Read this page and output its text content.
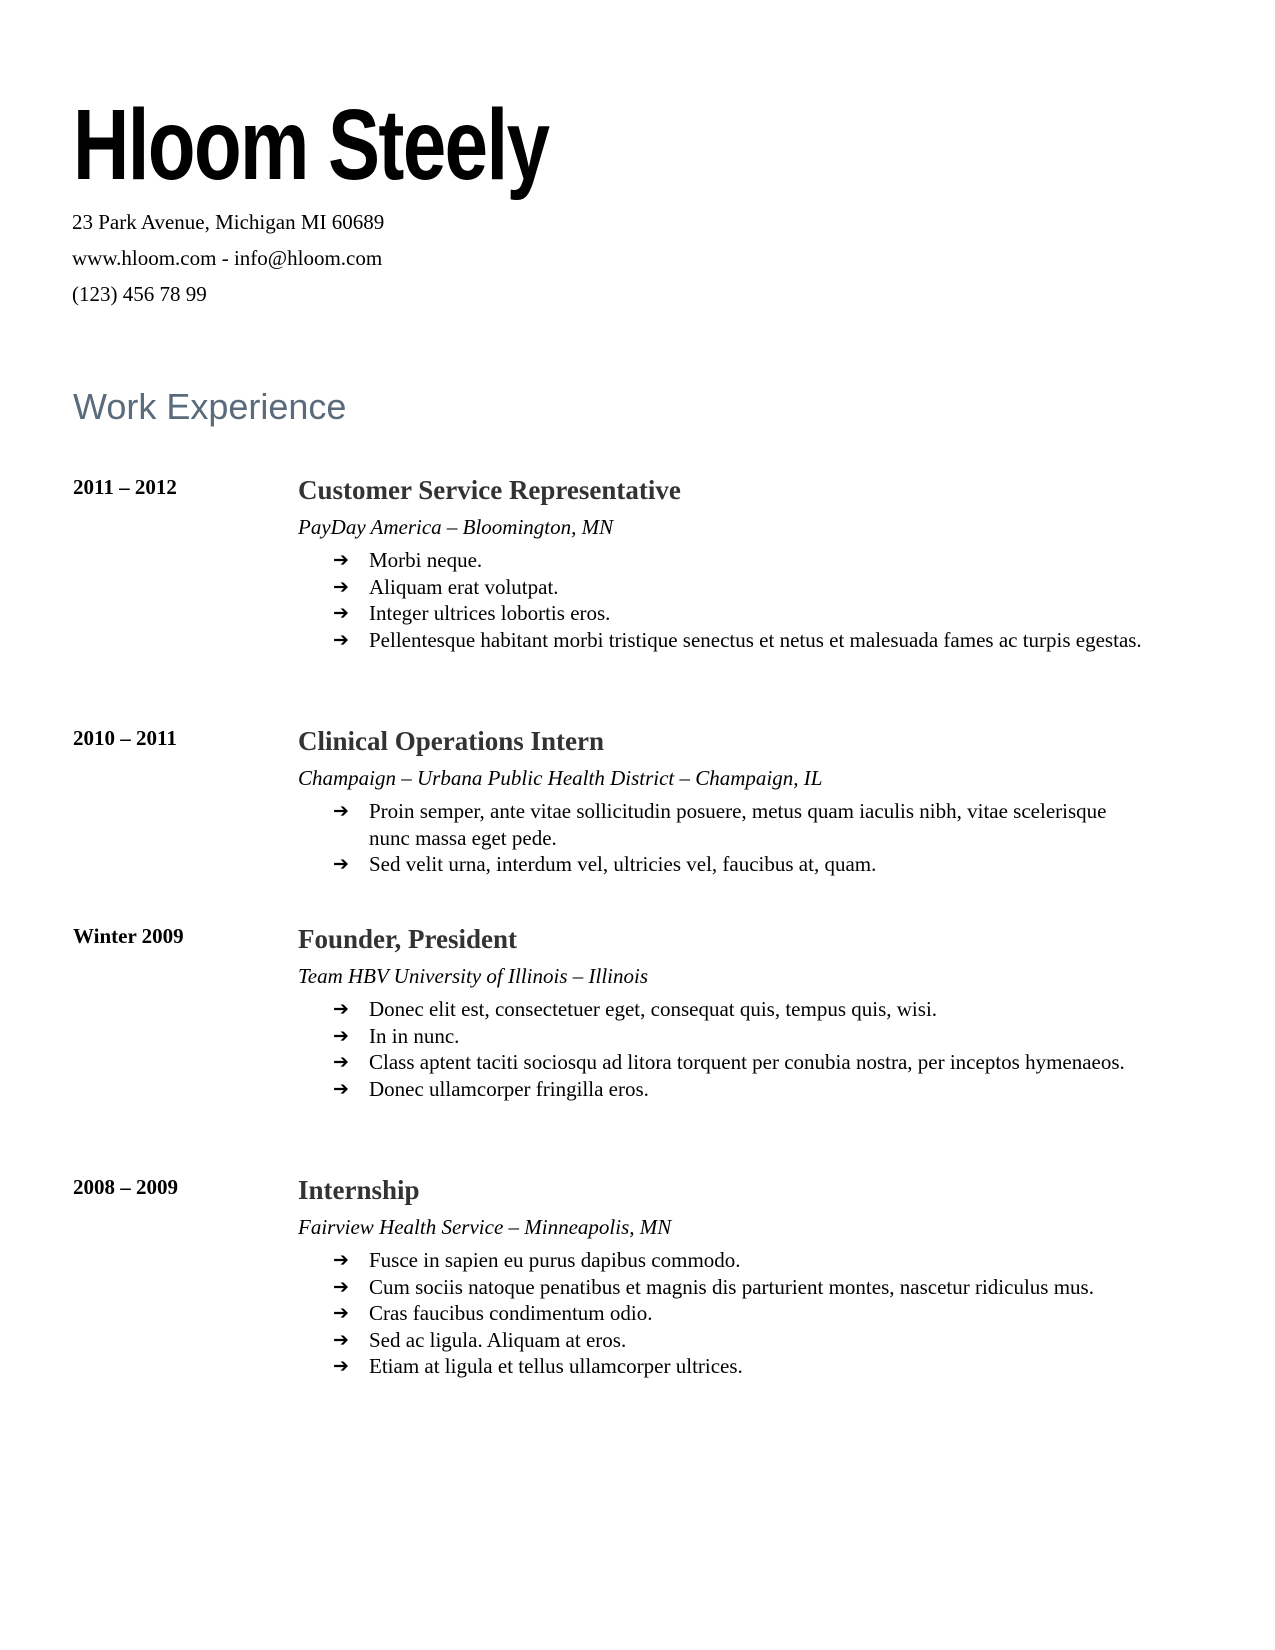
Hloom Steely
23 Park Avenue, Michigan MI 60689
www.hloom.com - info@hloom.com
(123) 456 78 99
Work Experience
2011 – 2012	Customer Service Representative
PayDay America – Bloomington, MN
➔ Morbi neque.
➔ Aliquam erat volutpat.
➔ Integer ultrices lobortis eros.
➔ Pellentesque habitant morbi tristique senectus et netus et malesuada fames ac turpis egestas.
2010 – 2011	Clinical Operations Intern
Champaign – Urbana Public Health District – Champaign, IL
➔ Proin semper, ante vitae sollicitudin posuere, metus quam iaculis nibh, vitae scelerisque nunc massa eget pede.
➔ Sed velit urna, interdum vel, ultricies vel, faucibus at, quam.
Winter 2009	Founder, President
Team HBV University of Illinois – Illinois
➔ Donec elit est, consectetuer eget, consequat quis, tempus quis, wisi.
➔ In in nunc.
➔ Class aptent taciti sociosqu ad litora torquent per conubia nostra, per inceptos hymenaeos.
➔ Donec ullamcorper fringilla eros.
2008 – 2009	Internship
Fairview Health Service – Minneapolis, MN
➔ Fusce in sapien eu purus dapibus commodo.
➔ Cum sociis natoque penatibus et magnis dis parturient montes, nascetur ridiculus mus.
➔ Cras faucibus condimentum odio.
➔ Sed ac ligula. Aliquam at eros.
➔ Etiam at ligula et tellus ullamcorper ultrices.
